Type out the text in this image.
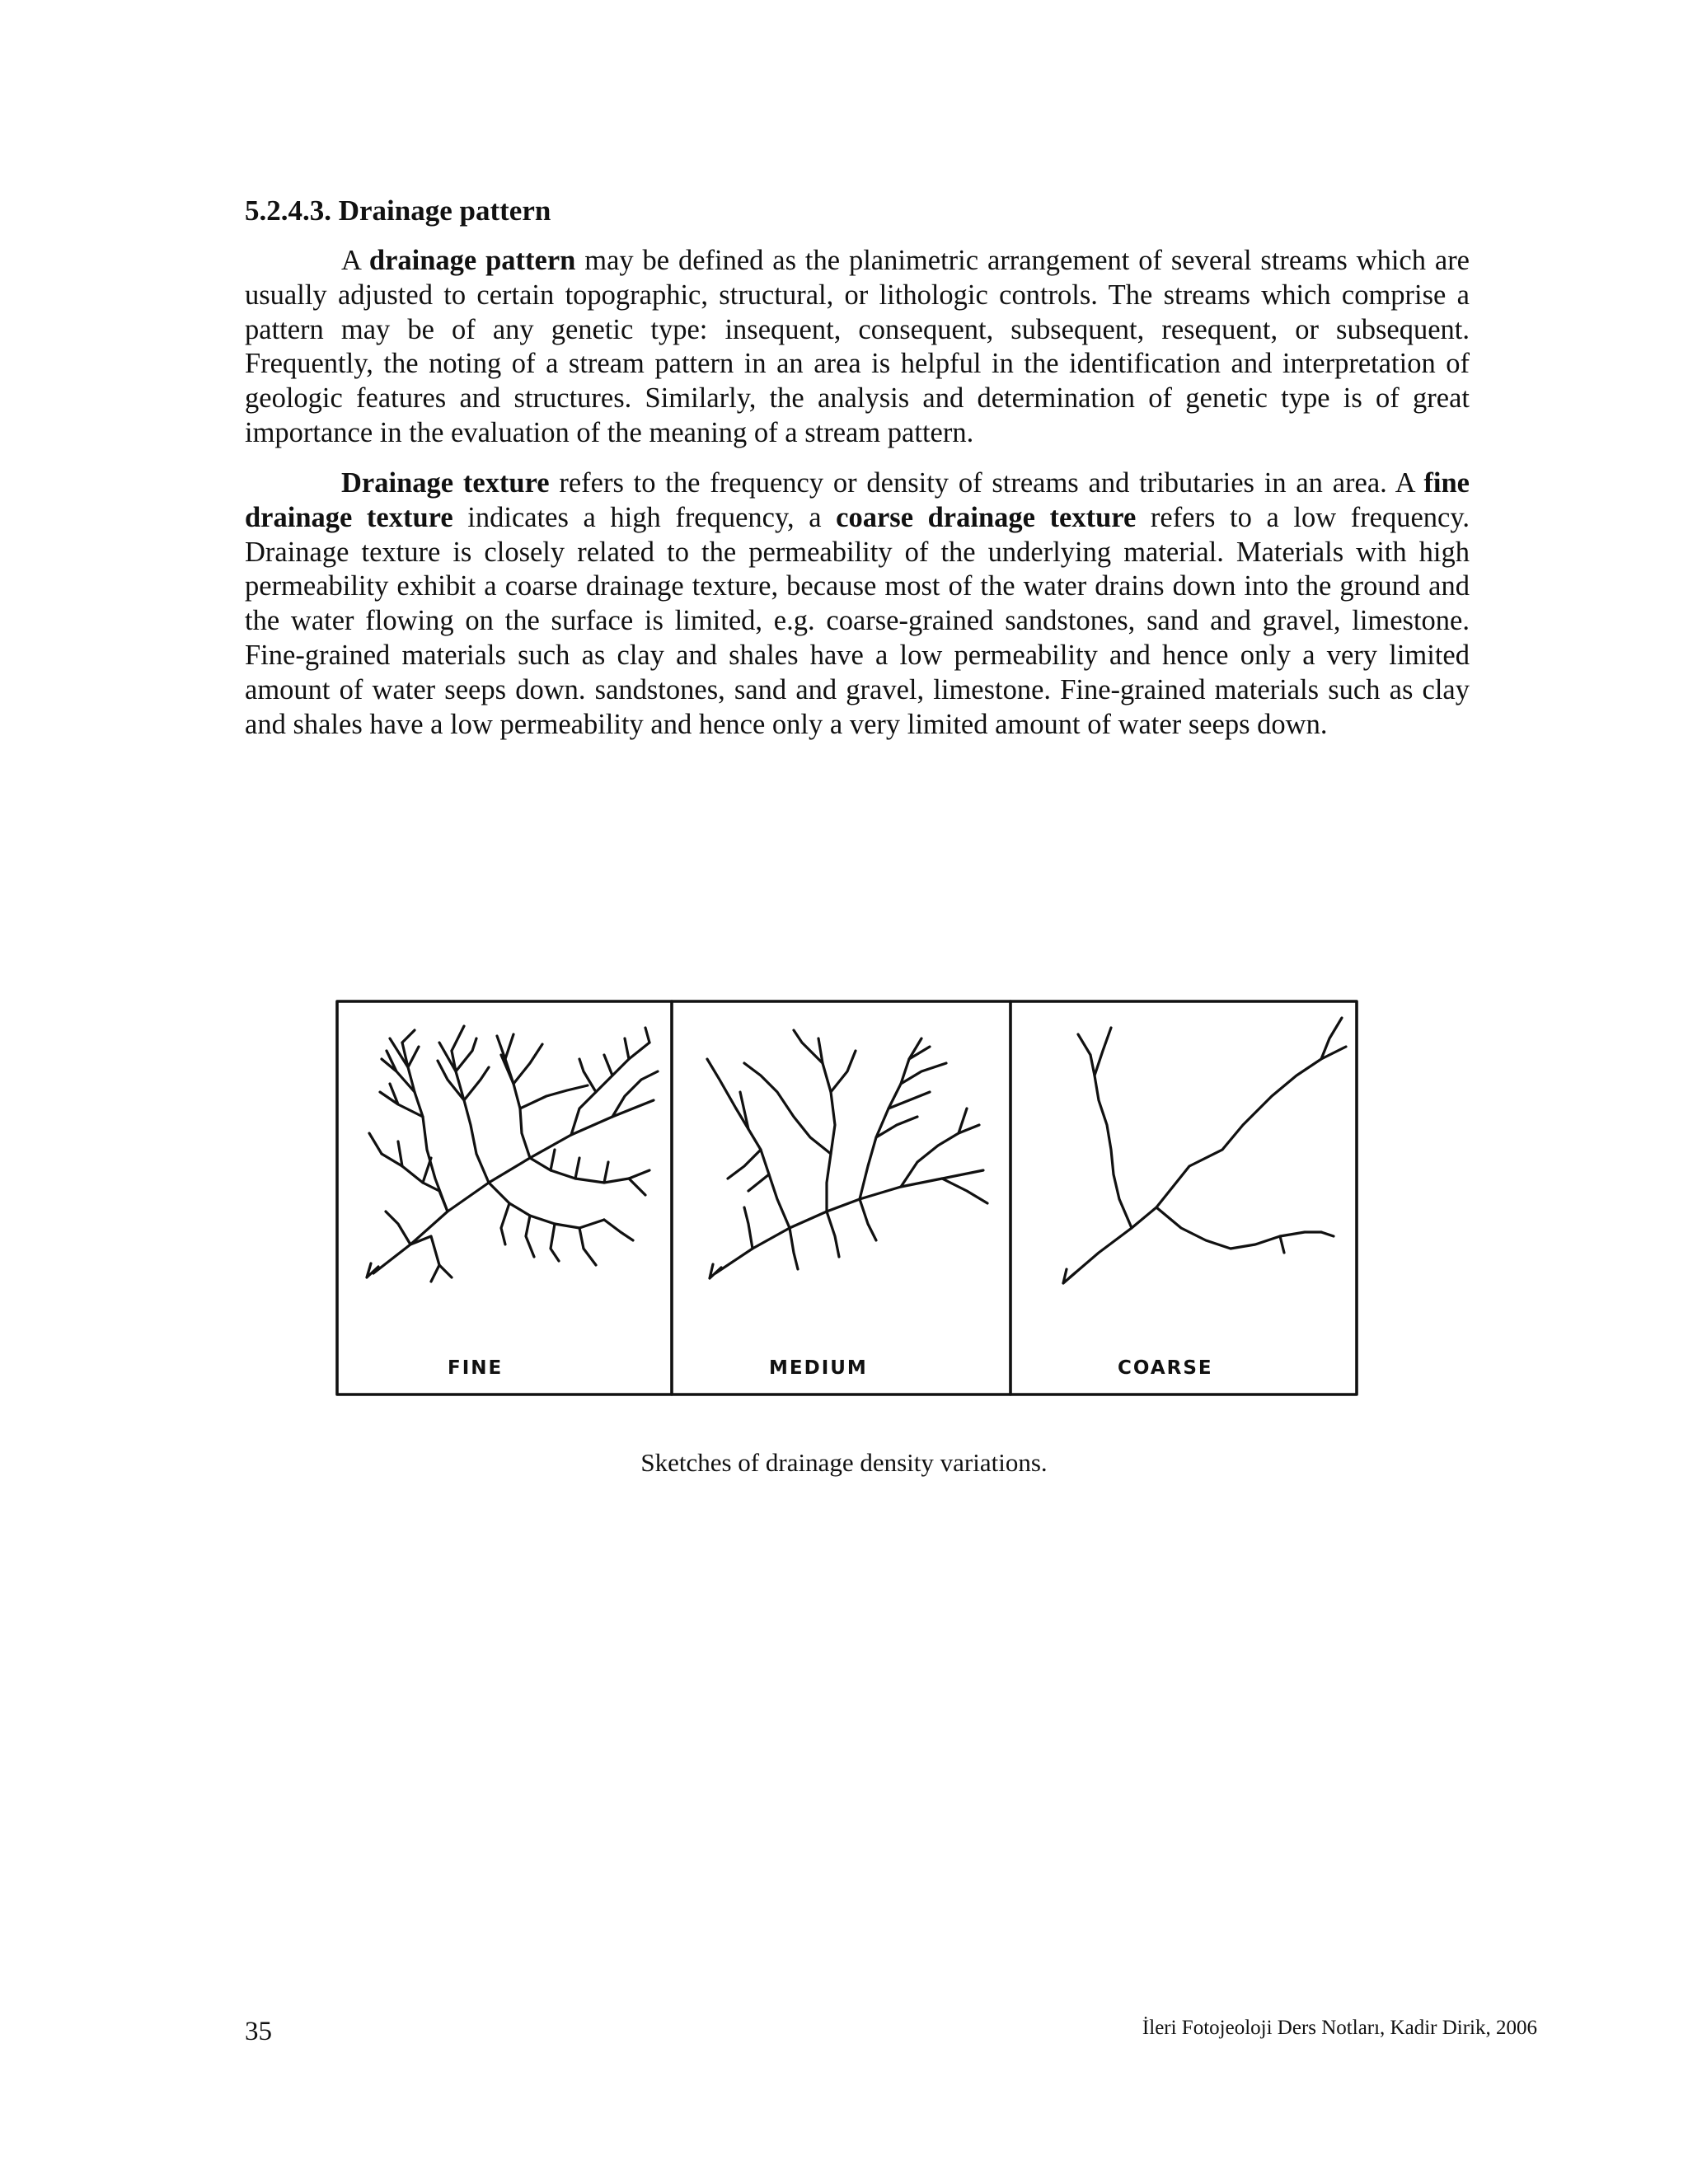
5.2.4.3. Drainage pattern

A drainage pattern may be defined as the planimetric arrangement of several streams which are usually adjusted to certain topographic, structural, or lithologic controls. The streams which comprise a pattern may be of any genetic type: insequent, consequent, subsequent, resequent, or subsequent. Frequently, the noting of a stream pattern in an area is helpful in the identification and interpretation of geologic features and structures. Similarly, the analysis and determination of genetic type is of great importance in the evaluation of the meaning of a stream pattern.

Drainage texture refers to the frequency or density of streams and tributaries in an area. A fine drainage texture indicates a high frequency, a coarse drainage texture refers to a low frequency. Drainage texture is closely related to the permeability of the underlying material. Materials with high permeability exhibit a coarse drainage texture, because most of the water drains down into the ground and the water flowing on the surface is limited, e.g. coarse-grained sandstones, sand and gravel, limestone. Fine-grained materials such as clay and shales have a low permeability and hence only a very limited amount of water seeps down. sandstones, sand and gravel, limestone. Fine-grained materials such as clay and shales have a low permeability and hence only a very limited amount of water seeps down.

FINE	MEDIUM	COARSE

Sketches of drainage density variations.

35	İleri Fotojeoloji Ders Notları, Kadir Dirik, 2006
